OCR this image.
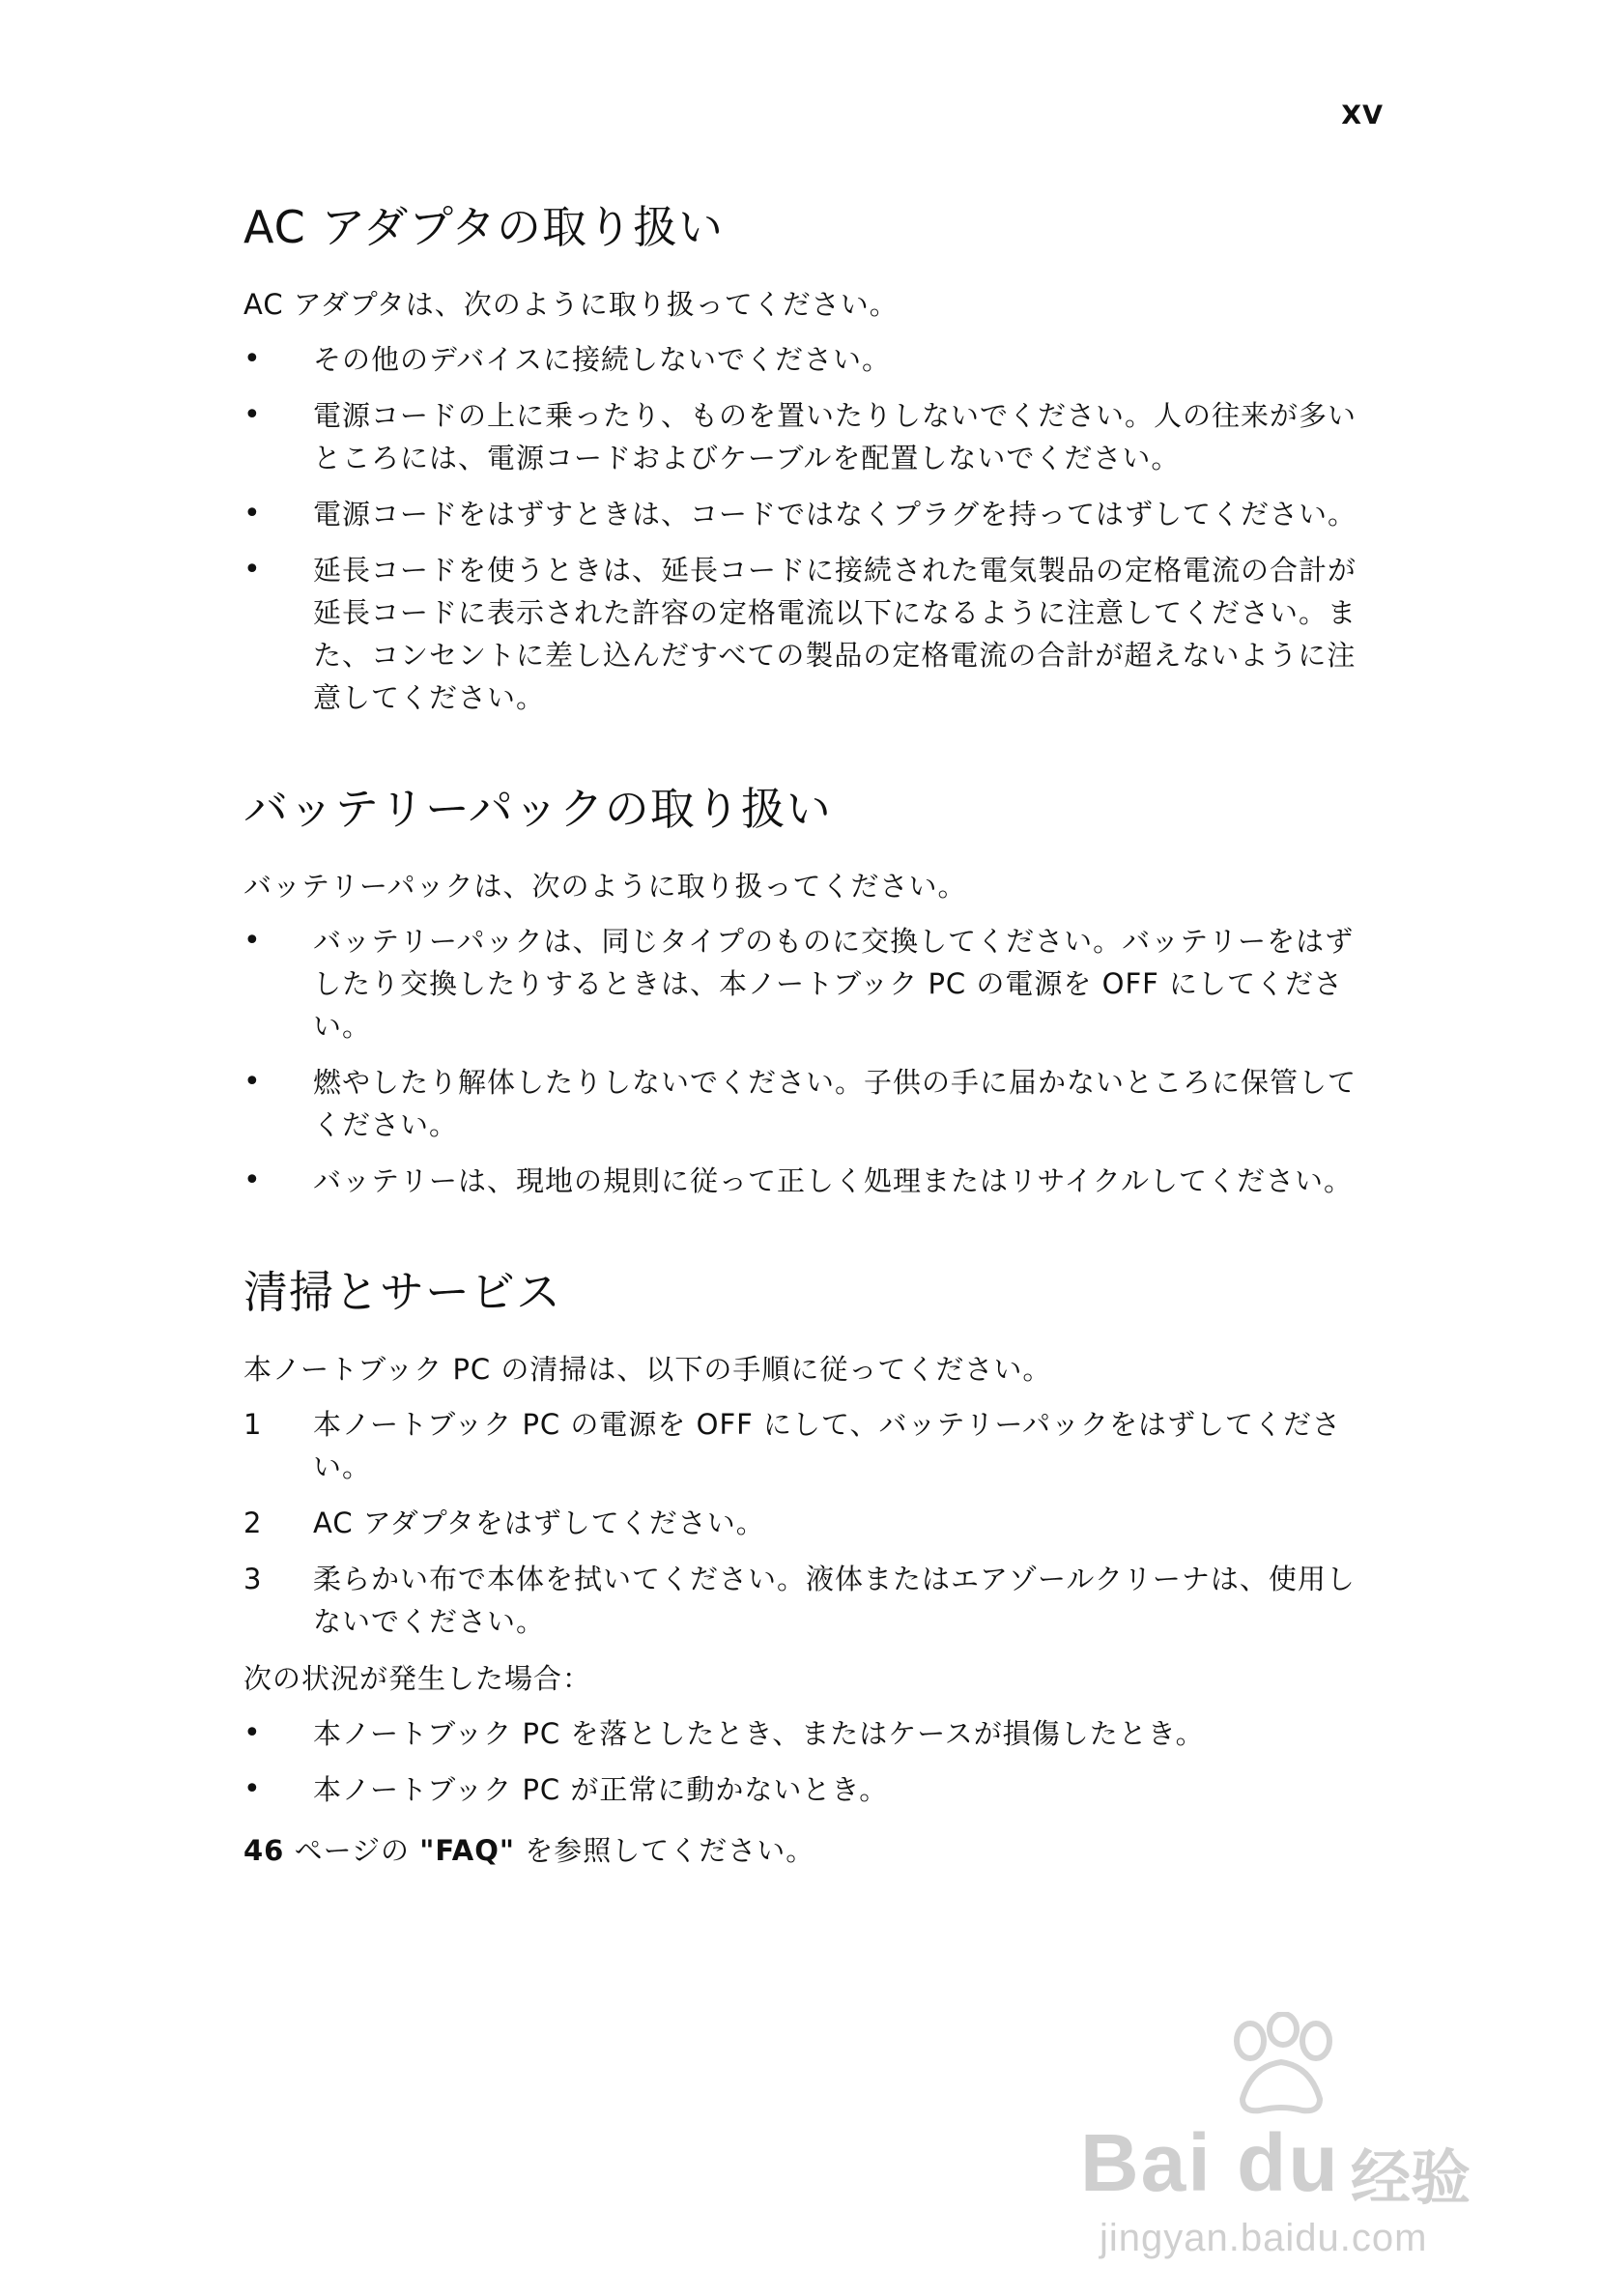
XV
AC アダプタの取り扱い

AC アダプタは、次のように取り扱ってください。

•	その他のデバイスに接続しないでください。
•	電源コードの上に乗ったり、ものを置いたりしないでください。人の往来が多いところには、電源コードおよびケーブルを配置しないでください。
•	電源コードをはずすときは、コードではなくプラグを持ってはずしてください。
•	延長コードを使うときは、延長コードに接続された電気製品の定格電流の合計が延長コードに表示された許容の定格電流以下になるように注意してください。また、コンセントに差し込んだすべての製品の定格電流の合計が超えないように注意してください。
バッテリーパックの取り扱い

バッテリーパックは、次のように取り扱ってください。

•	バッテリーパックは、同じタイプのものに交換してください。バッテリーをはずしたり交換したりするときは、本ノートブック PC の電源を OFF にしてください。
•	燃やしたり解体したりしないでください。子供の手に届かないところに保管してください。
•	バッテリーは、現地の規則に従って正しく処理またはリサイクルしてください。
清掃とサービス

本ノートブック PC の清掃は、以下の手順に従ってください。

1	本ノートブック PC の電源を OFF にして、バッテリーパックをはずしてください。
2	AC アダプタをはずしてください。
3	柔らかい布で本体を拭いてください。液体またはエアゾールクリーナは、使用しないでください。

次の状況が発生した場合：

•	本ノートブック PC を落としたとき、またはケースが損傷したとき。
•	本ノートブック PC が正常に動かないとき。

46 ページの "FAQ" を参照してください。

Bai du 经验
jingyan.baidu.com
